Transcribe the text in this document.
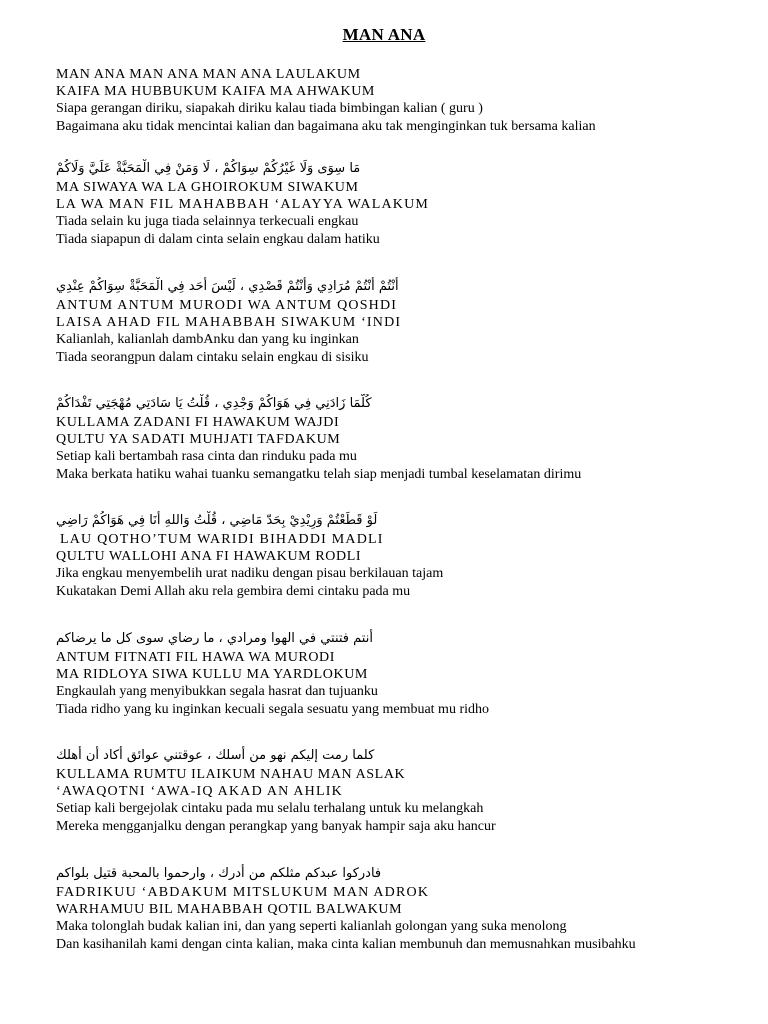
MAN ANA
MAN ANA MAN ANA MAN ANA LAULAKUM
KAIFA MA HUBBUKUM KAIFA MA AHWAKUM
Siapa gerangan diriku, siapakah diriku kalau tiada bimbingan kalian ( guru )
Bagaimana aku tidak mencintai kalian dan bagaimana aku tak menginginkan tuk bersama kalian
مَا سِوَى وَلَا غَيْرُكُمْ سِوَاكُمْ ، لَا وَمَنْ فِي الْمَحَبَّةْ عَلَيَّ وَلَاكُمْ
MA SIWAYA WA LA GHOIROKUM SIWAKUM
LA WA MAN FIL MAHABBAH ‘ALAYYA WALAKUM
Tiada selain ku juga tiada selainnya terkecuali engkau
Tiada siapapun di dalam cinta selain engkau dalam hatiku
أَنْتُمْ أَنْتُمْ مُرَادِي وَأَنْتُمْ قَصْدِي ، لَيْسَ أَحَد فِي الْمَحَبَّةْ سِوَاكُمْ عِنْدِي
ANTUM ANTUM MURODI WA ANTUM QOSHDI
LAISA AHAD FIL MAHABBAH SIWAKUM ‘INDI
Kalianlah, kalianlah dambAnku dan yang ku inginkan
Tiada seorangpun dalam cintaku selain engkau di sisiku
كُلَّمَا زَادَنِي فِي هَوَاكُمْ وَجْدِي ، قُلْتُ يَا سَادَتِي مُهْجَتِي تَفْدَاكُمْ
KULLAMA ZADANI FI HAWAKUM WAJDI
QULTU YA SADATI MUHJATI TAFDAKUM
Setiap kali bertambah rasa cinta dan rinduku pada mu
Maka berkata hatiku wahai tuanku semangatku telah siap menjadi tumbal keselamatan dirimu
لَوْ قَطَعْتُمْ وَرِيْدِيْ بِحَدّ مَاضِي ، قُلْتُ وَاللهِ أَنَا فِي هَوَاكُمْ رَاضِي
LAU QOTHO’TUM WARIDI BIHADDI MADLI
QULTU WALLOHI ANA FI HAWAKUM RODLI
Jika engkau menyembelih urat nadiku dengan pisau berkilauan tajam
Kukatakan Demi Allah aku rela gembira demi cintaku pada mu
أنتم فتنتي في الهوا ومرادي ، ما رضاي سوى كل ما يرضاكم
ANTUM FITNATI FIL HAWA WA MURODI
MA RIDLOYA SIWA KULLU MA YARDLOKUM
Engkaulah yang menyibukkan segala hasrat dan tujuanku
Tiada ridho yang ku inginkan kecuali segala sesuatu yang membuat mu ridho
كلما رمت إليكم نهو من أسلك ، عوقتني عوائق أكاد أن أهلك
KULLAMA RUMTU ILAIKUM NAHAU MAN ASLAK
‘AWAQOTNI ‘AWA-IQ AKAD AN AHLIK
Setiap kali bergejolak cintaku pada mu selalu terhalang untuk ku melangkah
Mereka mengganjalku dengan perangkap yang banyak hampir saja aku hancur
فادركوا عبدكم مثلكم من أدرك ، وارحموا بالمحبة قتيل بلواكم
FADRIKUU ‘ABDAKUM MITSLUKUM MAN ADROK
WARHAMUU BIL MAHABBAH QOTIL BALWAKUM
Maka tolonglah budak kalian ini, dan yang seperti kalianlah golongan yang suka menolong
Dan kasihanilah kami dengan cinta kalian, maka cinta kalian membunuh dan memusnahkan musibahku
